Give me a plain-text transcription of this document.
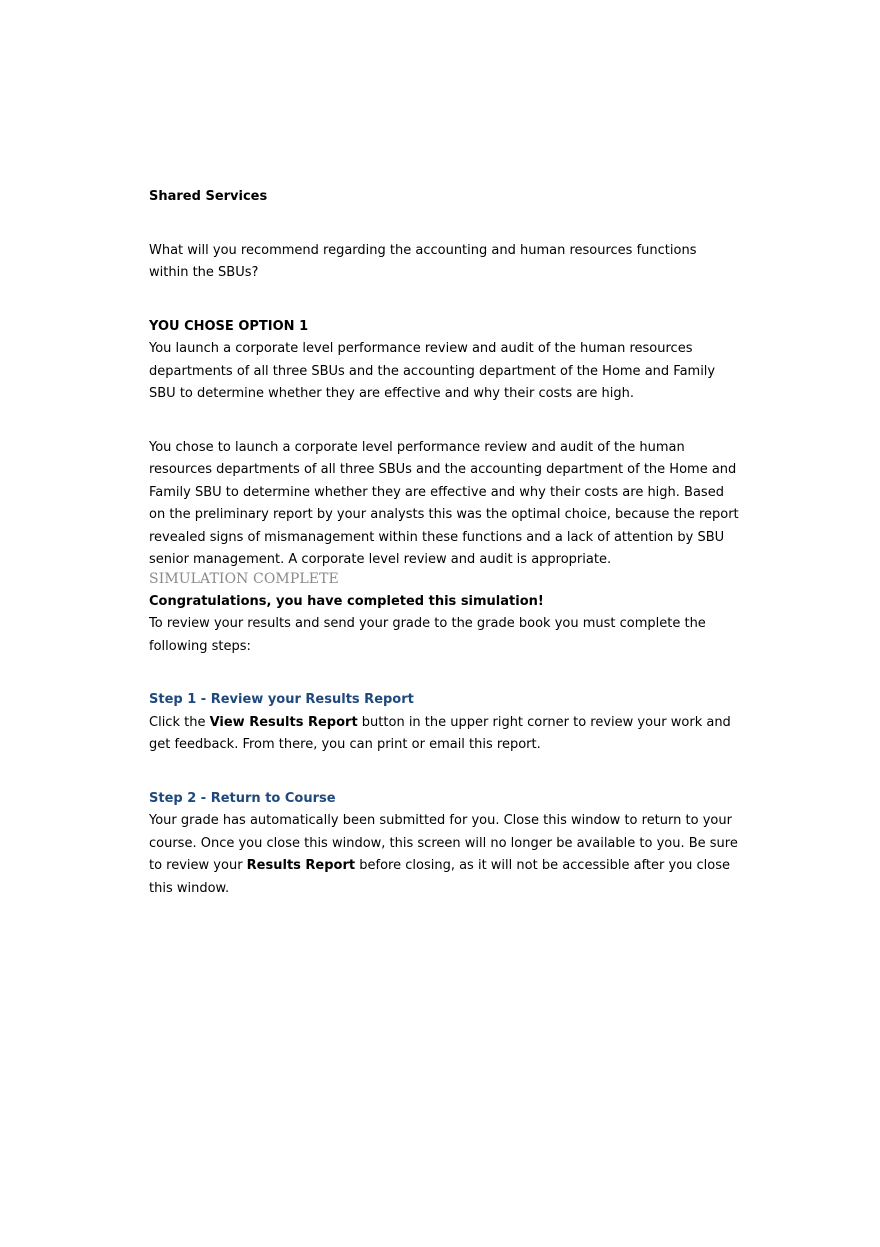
Shared Services

What will you recommend regarding the accounting and human resources functions within the SBUs?

YOU CHOSE OPTION 1

You launch a corporate level performance review and audit of the human resources departments of all three SBUs and the accounting department of the Home and Family SBU to determine whether they are effective and why their costs are high.

You chose to launch a corporate level performance review and audit of the human resources departments of all three SBUs and the accounting department of the Home and Family SBU to determine whether they are effective and why their costs are high. Based on the preliminary report by your analysts this was the optimal choice, because the report revealed signs of mismanagement within these functions and a lack of attention by SBU senior management. A corporate level review and audit is appropriate.

SIMULATION COMPLETE

Congratulations, you have completed this simulation!

To review your results and send your grade to the grade book you must complete the following steps:

Step 1 - Review your Results Report

Click the View Results Report button in the upper right corner to review your work and get feedback. From there, you can print or email this report.

Step 2 - Return to Course

Your grade has automatically been submitted for you. Close this window to return to your course. Once you close this window, this screen will no longer be available to you. Be sure to review your Results Report before closing, as it will not be accessible after you close this window.
